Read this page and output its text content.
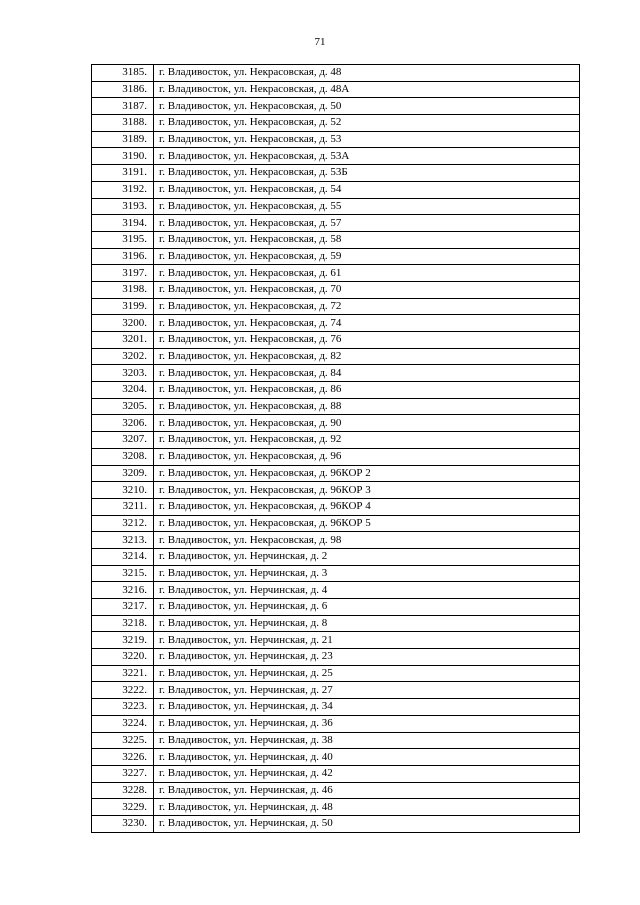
71
3185.	г. Владивосток, ул. Некрасовская, д. 48
3186.	г. Владивосток, ул. Некрасовская, д. 48А
3187.	г. Владивосток, ул. Некрасовская, д. 50
3188.	г. Владивосток, ул. Некрасовская, д. 52
3189.	г. Владивосток, ул. Некрасовская, д. 53
3190.	г. Владивосток, ул. Некрасовская, д. 53А
3191.	г. Владивосток, ул. Некрасовская, д. 53Б
3192.	г. Владивосток, ул. Некрасовская, д. 54
3193.	г. Владивосток, ул. Некрасовская, д. 55
3194.	г. Владивосток, ул. Некрасовская, д. 57
3195.	г. Владивосток, ул. Некрасовская, д. 58
3196.	г. Владивосток, ул. Некрасовская, д. 59
3197.	г. Владивосток, ул. Некрасовская, д. 61
3198.	г. Владивосток, ул. Некрасовская, д. 70
3199.	г. Владивосток, ул. Некрасовская, д. 72
3200.	г. Владивосток, ул. Некрасовская, д. 74
3201.	г. Владивосток, ул. Некрасовская, д. 76
3202.	г. Владивосток, ул. Некрасовская, д. 82
3203.	г. Владивосток, ул. Некрасовская, д. 84
3204.	г. Владивосток, ул. Некрасовская, д. 86
3205.	г. Владивосток, ул. Некрасовская, д. 88
3206.	г. Владивосток, ул. Некрасовская, д. 90
3207.	г. Владивосток, ул. Некрасовская, д. 92
3208.	г. Владивосток, ул. Некрасовская, д. 96
3209.	г. Владивосток, ул. Некрасовская, д. 96КОР 2
3210.	г. Владивосток, ул. Некрасовская, д. 96КОР 3
3211.	г. Владивосток, ул. Некрасовская, д. 96КОР 4
3212.	г. Владивосток, ул. Некрасовская, д. 96КОР 5
3213.	г. Владивосток, ул. Некрасовская, д. 98
3214.	г. Владивосток, ул. Нерчинская, д. 2
3215.	г. Владивосток, ул. Нерчинская, д. 3
3216.	г. Владивосток, ул. Нерчинская, д. 4
3217.	г. Владивосток, ул. Нерчинская, д. 6
3218.	г. Владивосток, ул. Нерчинская, д. 8
3219.	г. Владивосток, ул. Нерчинская, д. 21
3220.	г. Владивосток, ул. Нерчинская, д. 23
3221.	г. Владивосток, ул. Нерчинская, д. 25
3222.	г. Владивосток, ул. Нерчинская, д. 27
3223.	г. Владивосток, ул. Нерчинская, д. 34
3224.	г. Владивосток, ул. Нерчинская, д. 36
3225.	г. Владивосток, ул. Нерчинская, д. 38
3226.	г. Владивосток, ул. Нерчинская, д. 40
3227.	г. Владивосток, ул. Нерчинская, д. 42
3228.	г. Владивосток, ул. Нерчинская, д. 46
3229.	г. Владивосток, ул. Нерчинская, д. 48
3230.	г. Владивосток, ул. Нерчинская, д. 50
